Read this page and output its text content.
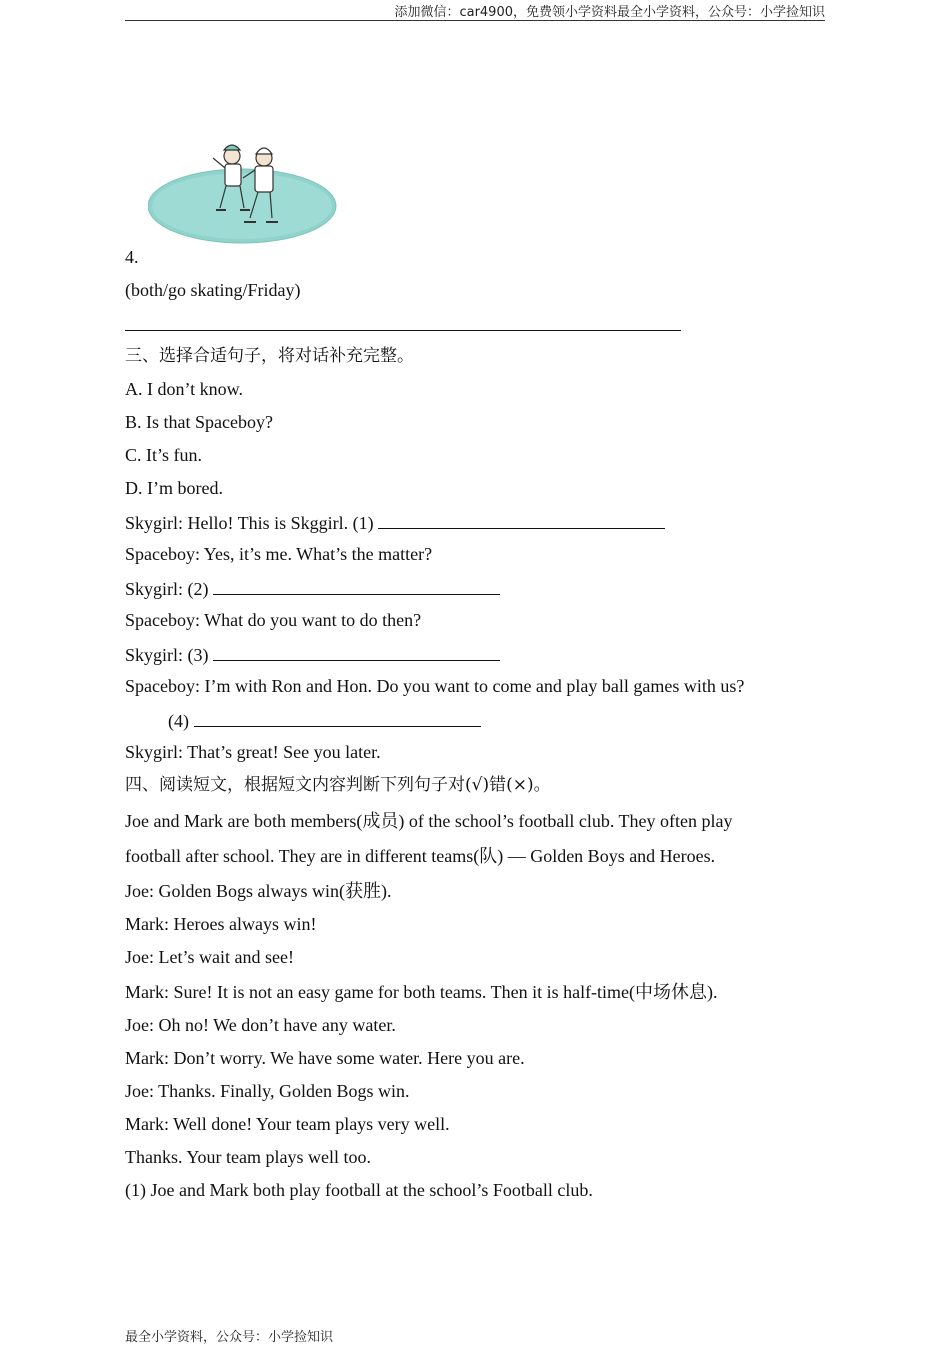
添加微信：car4900，免费领小学资料最全小学资料，公众号：小学捡知识
4.
(both/go skating/Friday)
三、选择合适句子，将对话补充完整。
A. I don’t know.
B. Is that Spaceboy?
C. It’s fun.
D. I’m bored.
Skygirl: Hello! This is Skggirl. (1)
Spaceboy: Yes, it’s me. What’s the matter?
Skygirl: (2)
Spaceboy: What do you want to do then?
Skygirl: (3)
Spaceboy: I’m with Ron and Hon. Do you want to come and play ball games with us?
(4)
Skygirl: That’s great! See you later.
四、阅读短文，根据短文内容判断下列句子对(√)错(×)。
Joe and Mark are both members(成员) of the school’s football club. They often play
football after school. They are in different teams(队) — Golden Boys and Heroes.
Joe: Golden Bogs always win(获胜).
Mark: Heroes always win!
Joe: Let’s wait and see!
Mark: Sure! It is not an easy game for both teams. Then it is half-time(中场休息).
Joe: Oh no! We don’t have any water.
Mark: Don’t worry. We have some water. Here you are.
Joe: Thanks. Finally, Golden Bogs win.
Mark: Well done! Your team plays very well.
Thanks. Your team plays well too.
(1) Joe and Mark both play football at the school’s Football club.
最全小学资料，公众号：小学捡知识
